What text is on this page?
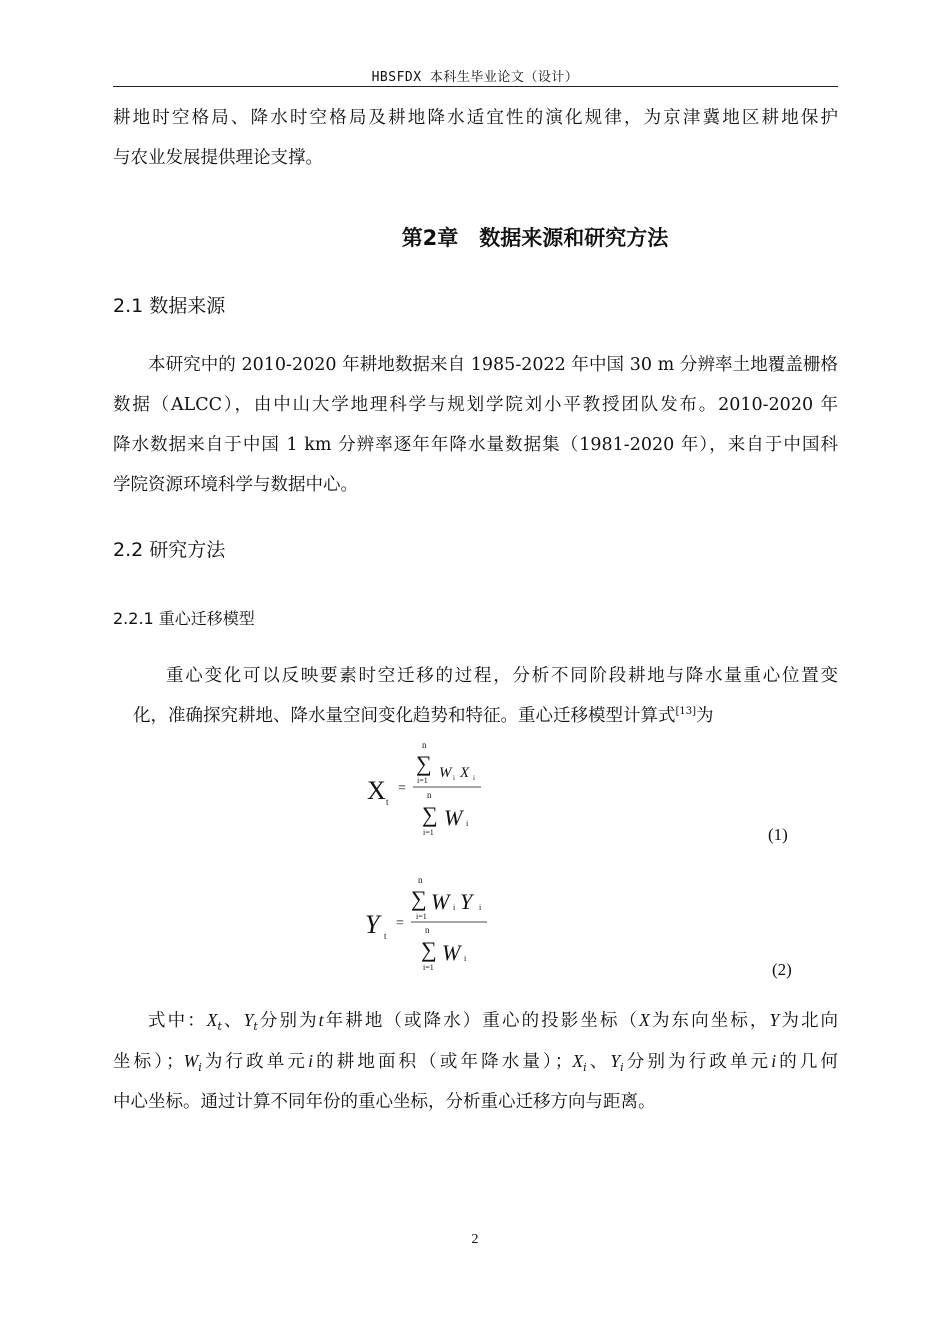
HBSFDX 本科生毕业论文（设计）
耕地时空格局、降水时空格局及耕地降水适宜性的演化规律，为京津冀地区耕地保护
与农业发展提供理论支撑。
第2章　数据来源和研究方法
2.1 数据来源
本研究中的 2010-2020 年耕地数据来自 1985-2022 年中国 30 m 分辨率土地覆盖栅格
数据（ALCC），由中山大学地理科学与规划学院刘小平教授团队发布。2010-2020 年
降水数据来自于中国 1 km 分辨率逐年年降水量数据集（1981-2020 年），来自于中国科
学院资源环境科学与数据中心。
2.2 研究方法
2.2.1 重心迁移模型
重心变化可以反映要素时空迁移的过程，分析不同阶段耕地与降水量重心位置变
化，准确探究耕地、降水量空间变化趋势和特征。重心迁移模型计算式[13]为
X t
=
n
∑
i=1 W i X i
n
∑
i=1
W i
(1)
Y t
=
n
∑
i=1
W i Y i
n
∑
i=1
W i
(2)
式中：$X_t$、$Y_t$分别为t年耕地（或降水）重心的投影坐标（X为东向坐标，Y为北向
坐标）；$W_i$为行政单元i的耕地面积（或年降水量）；$X_i$、$Y_i$分别为行政单元i的几何
中心坐标。通过计算不同年份的重心坐标，分析重心迁移方向与距离。
2
